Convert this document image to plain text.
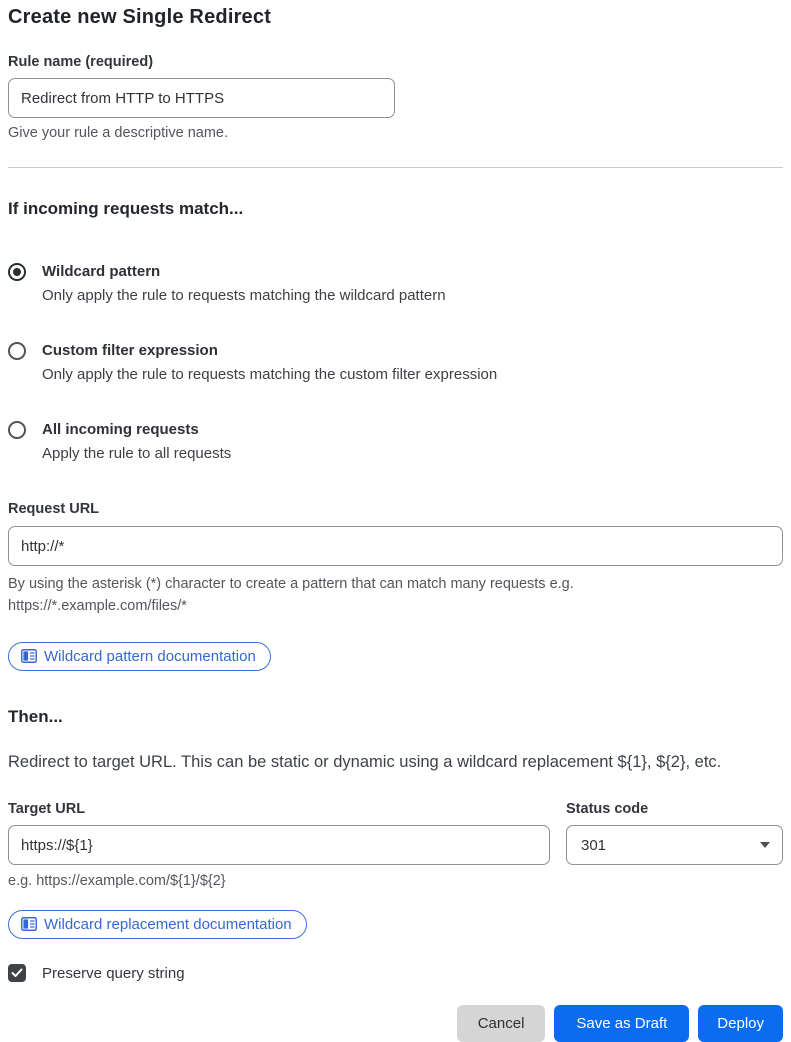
Create new Single Redirect
Rule name (required)
Redirect from HTTP to HTTPS
Give your rule a descriptive name.
If incoming requests match...
Wildcard pattern
Only apply the rule to requests matching the wildcard pattern
Custom filter expression
Only apply the rule to requests matching the custom filter expression
All incoming requests
Apply the rule to all requests
Request URL
http://*
By using the asterisk (*) character to create a pattern that can match many requests e.g.
https://*.example.com/files/*
Wildcard pattern documentation
Then...

Redirect to target URL. This can be static or dynamic using a wildcard replacement ${1}, ${2}, etc.

Target URL	Status code
https://${1}
301
e.g. https://example.com/${1}/${2}
Wildcard replacement documentation
Preserve query string
Cancel	Save as Draft	Deploy
